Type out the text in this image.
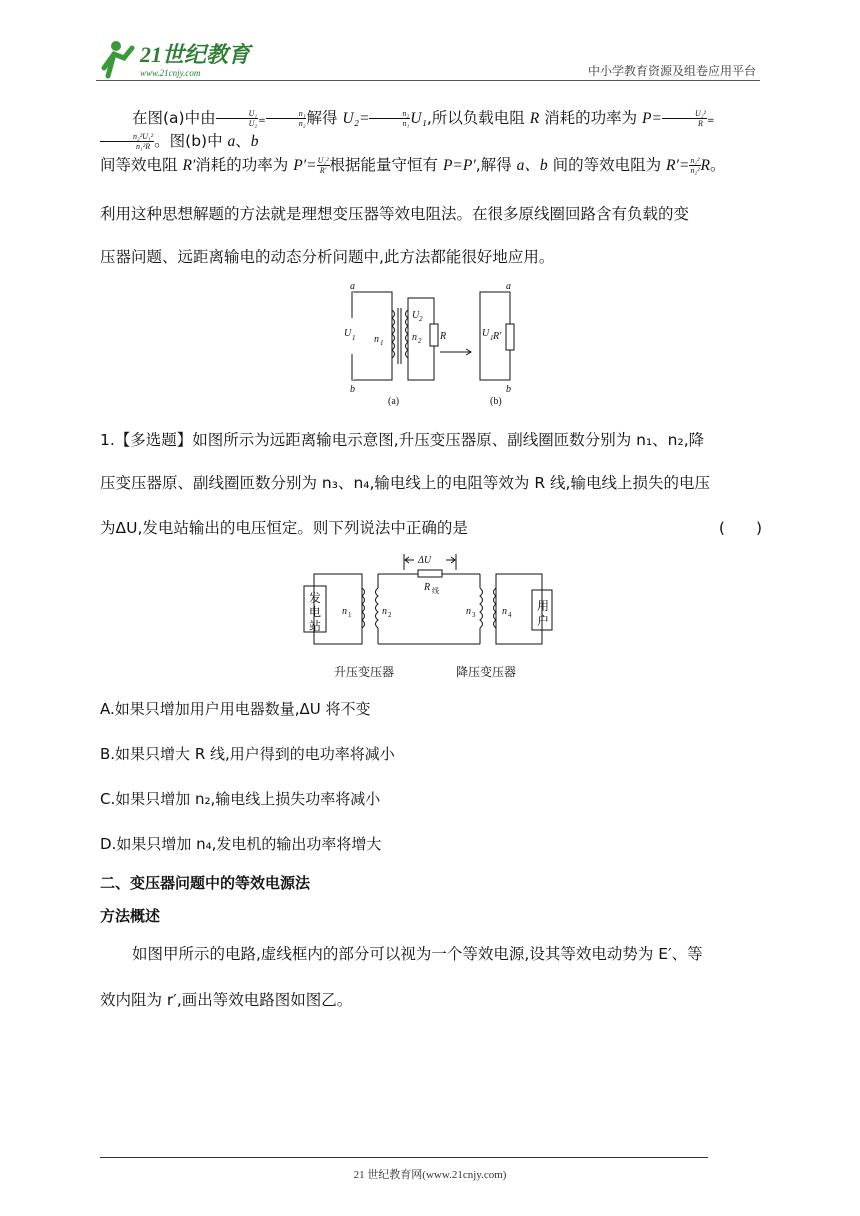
21世纪教育
www.21cnjy.com	中小学教育资源及组卷应用平台
在图(a)中由 $\frac{\text{U₁}}{\text{U₂}} = \frac{\text{n₁}}{\text{n₂}}$ 解得 $U_2= \frac{\text{n₂}}{\text{n₁}} U_1$,所以负载电阻 R 消耗的功率为 $P= \frac{\text{U₂²}}{R}$ =
$\frac{\text{n₂²U₁²}}{\text{n₁²R}}$ 。图(b)中 a、b
间等效电阻 R′消耗的功率为 $P'= \frac{\text{U₁²}}{R'}$ 根据能量守恒有 P=P′,解得 a、b 间的等效电阻为 $R'= \frac{\text{n₁²}}{\text{n₂²}}$ R。
利用这种思想解题的方法就是理想变压器等效电阻法。在很多原线圈回路含有负载的变
压器问题、远距离输电的动态分析问题中,此方法都能很好地应用。
a
b
U 1 n 1
U 2
n 2 R
a
b
U 1 R′
(a)	(b)
1.【多选题】如图所示为远距离输电示意图,升压变压器原、副线圈匝数分别为 n₁、n₂,降
压变压器原、副线圈匝数分别为 n₃、n₄,输电线上的电阻等效为 R 线,输电线上损失的电压
为ΔU,发电站输出的电压恒定。则下列说法中正确的是	(　　)
ΔU
R 线
发
电
站
用
户
n 1	n 2	n 3	n 4
升压变压器	降压变压器
A.如果只增加用户用电器数量,ΔU 将不变
B.如果只增大 R 线,用户得到的电功率将减小
C.如果只增加 n₂,输电线上损失功率将减小
D.如果只增加 n₄,发电机的输出功率将增大
二、变压器问题中的等效电源法
方法概述
如图甲所示的电路,虚线框内的部分可以视为一个等效电源,设其等效电动势为 E′、等
效内阻为 r′,画出等效电路图如图乙。
21 世纪教育网(www.21cnjy.com)
